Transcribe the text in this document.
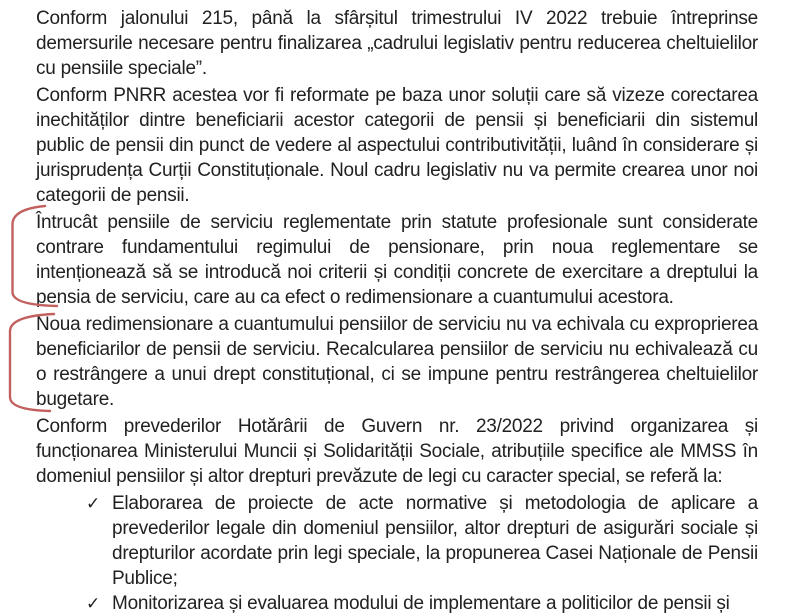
Conform jalonului 215, până la sfârșitul trimestrului IV 2022 trebuie întreprinse demersurile necesare pentru finalizarea „cadrului legislativ pentru reducerea cheltuielilor cu pensiile speciale”.

Conform PNRR acestea vor fi reformate pe baza unor soluții care să vizeze corectarea inechităților dintre beneficiarii acestor categorii de pensii și beneficiarii din sistemul public de pensii din punct de vedere al aspectului contributivității, luând în considerare și jurisprudența Curții Constituționale. Noul cadru legislativ nu va permite crearea unor noi categorii de pensii.

Întrucât pensiile de serviciu reglementate prin statute profesionale sunt considerate contrare fundamentului regimului de pensionare, prin noua reglementare se intenționează să se introducă noi criterii și condiții concrete de exercitare a dreptului la pensia de serviciu, care au ca efect o redimensionare a cuantumului acestora.

Noua redimensionare a cuantumului pensiilor de serviciu nu va echivala cu exproprierea beneficiarilor de pensii de serviciu. Recalcularea pensiilor de serviciu nu echivalează cu o restrângere a unui drept constituțional, ci se impune pentru restrângerea cheltuielilor bugetare.

Conform prevederilor Hotărârii de Guvern nr. 23/2022 privind organizarea și funcționarea Ministerului Muncii și Solidarității Sociale, atribuțiile specifice ale MMSS în domeniul pensiilor și altor drepturi prevăzute de legi cu caracter special, se referă la:

✓ Elaborarea de proiecte de acte normative și metodologia de aplicare a prevederilor legale din domeniul pensiilor, altor drepturi de asigurări sociale și drepturilor acordate prin legi speciale, la propunerea Casei Naționale de Pensii Publice;
✓ Monitorizarea și evaluarea modului de implementare a politicilor de pensii și
